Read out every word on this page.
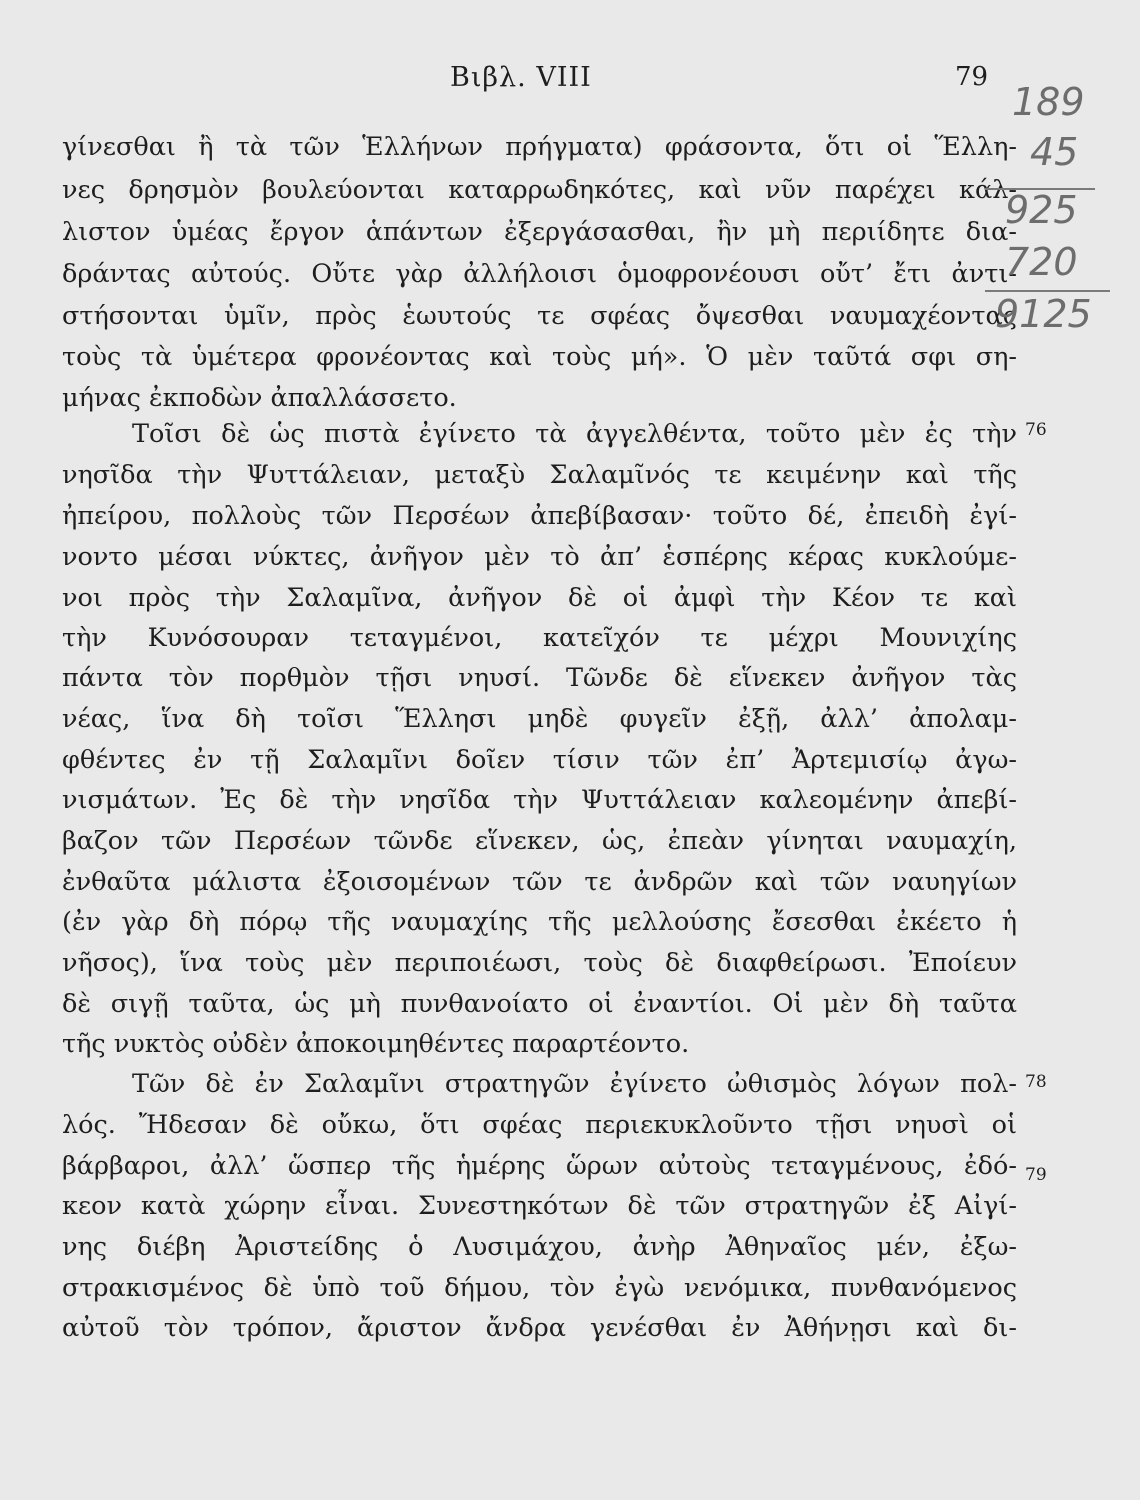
Βιβλ. VIII	79
γίνεσθαι ἢ τὰ τῶν Ἑλλήνων πρήγματα) φράσοντα, ὅτι οἱ Ἕλλη-
νες δρησμὸν βουλεύονται καταρρωδηκότες, καὶ νῦν παρέχει κάλ-
λιστον ὑμέας ἔργον ἁπάντων ἐξεργάσασθαι, ἢν μὴ περιίδητε δια-
δράντας αὐτούς. Οὔτε γὰρ ἀλλήλοισι ὁμοφρονέουσι οὔτ’ ἔτι ἀντι-
στήσονται ὑμῖν, πρὸς ἑωυτούς τε σφέας ὄψεσθαι ναυμαχέοντας
τοὺς τὰ ὑμέτερα φρονέοντας καὶ τοὺς μή». Ὁ μὲν ταῦτά σφι ση-
μήνας ἐκποδὼν ἀπαλλάσσετο.
Τοῖσι δὲ ὡς πιστὰ ἐγίνετο τὰ ἀγγελθέντα, τοῦτο μὲν ἐς τὴν
νησῖδα τὴν Ψυττάλειαν, μεταξὺ Σαλαμῖνός τε κειμένην καὶ τῆς
ἠπείρου, πολλοὺς τῶν Περσέων ἀπεβίβασαν· τοῦτο δέ, ἐπειδὴ ἐγί-
νοντο μέσαι νύκτες, ἀνῆγον μὲν τὸ ἀπ’ ἑσπέρης κέρας κυκλούμε-
νοι πρὸς τὴν Σαλαμῖνα, ἀνῆγον δὲ οἱ ἀμφὶ τὴν Κέον τε καὶ
τὴν Κυνόσουραν τεταγμένοι, κατεῖχόν τε μέχρι Μουνιχίης
πάντα τὸν πορθμὸν τῇσι νηυσί. Τῶνδε δὲ εἵνεκεν ἀνῆγον τὰς
νέας, ἵνα δὴ τοῖσι Ἕλλησι μηδὲ φυγεῖν ἐξῇ, ἀλλ’ ἀπολαμ-
φθέντες ἐν τῇ Σαλαμῖνι δοῖεν τίσιν τῶν ἐπ’ Ἀρτεμισίῳ ἀγω-
νισμάτων. Ἐς δὲ τὴν νησῖδα τὴν Ψυττάλειαν καλεομένην ἀπεβί-
βαζον τῶν Περσέων τῶνδε εἵνεκεν, ὡς, ἐπεὰν γίνηται ναυμαχίη,
ἐνθαῦτα μάλιστα ἐξοισομένων τῶν τε ἀνδρῶν καὶ τῶν ναυηγίων
(ἐν γὰρ δὴ πόρῳ τῆς ναυμαχίης τῆς μελλούσης ἔσεσθαι ἐκέετο ἡ
νῆσος), ἵνα τοὺς μὲν περιποιέωσι, τοὺς δὲ διαφθείρωσι. Ἐποίευν
δὲ σιγῇ ταῦτα, ὡς μὴ πυνθανοίατο οἱ ἐναντίοι. Οἱ μὲν δὴ ταῦτα
τῆς νυκτὸς οὐδὲν ἀποκοιμηθέντες παραρτέοντο.
Τῶν δὲ ἐν Σαλαμῖνι στρατηγῶν ἐγίνετο ὠθισμὸς λόγων πολ-
λός. Ἤδεσαν δὲ οὔκω, ὅτι σφέας περιεκυκλοῦντο τῇσι νηυσὶ οἱ
βάρβαροι, ἀλλ’ ὥσπερ τῆς ἡμέρης ὥρων αὐτοὺς τεταγμένους, ἐδό-
κεον κατὰ χώρην εἶναι. Συνεστηκότων δὲ τῶν στρατηγῶν ἐξ Αἰγί-
νης διέβη Ἀριστείδης ὁ Λυσιμάχου, ἀνὴρ Ἀθηναῖος μέν, ἐξω-
στρακισμένος δὲ ὑπὸ τοῦ δήμου, τὸν ἐγὼ νενόμικα, πυνθανόμενος
αὐτοῦ τὸν τρόπον, ἄριστον ἄνδρα γενέσθαι ἐν Ἀθήνῃσι καὶ δι-
76
78
79
189
45
925
720
9125
